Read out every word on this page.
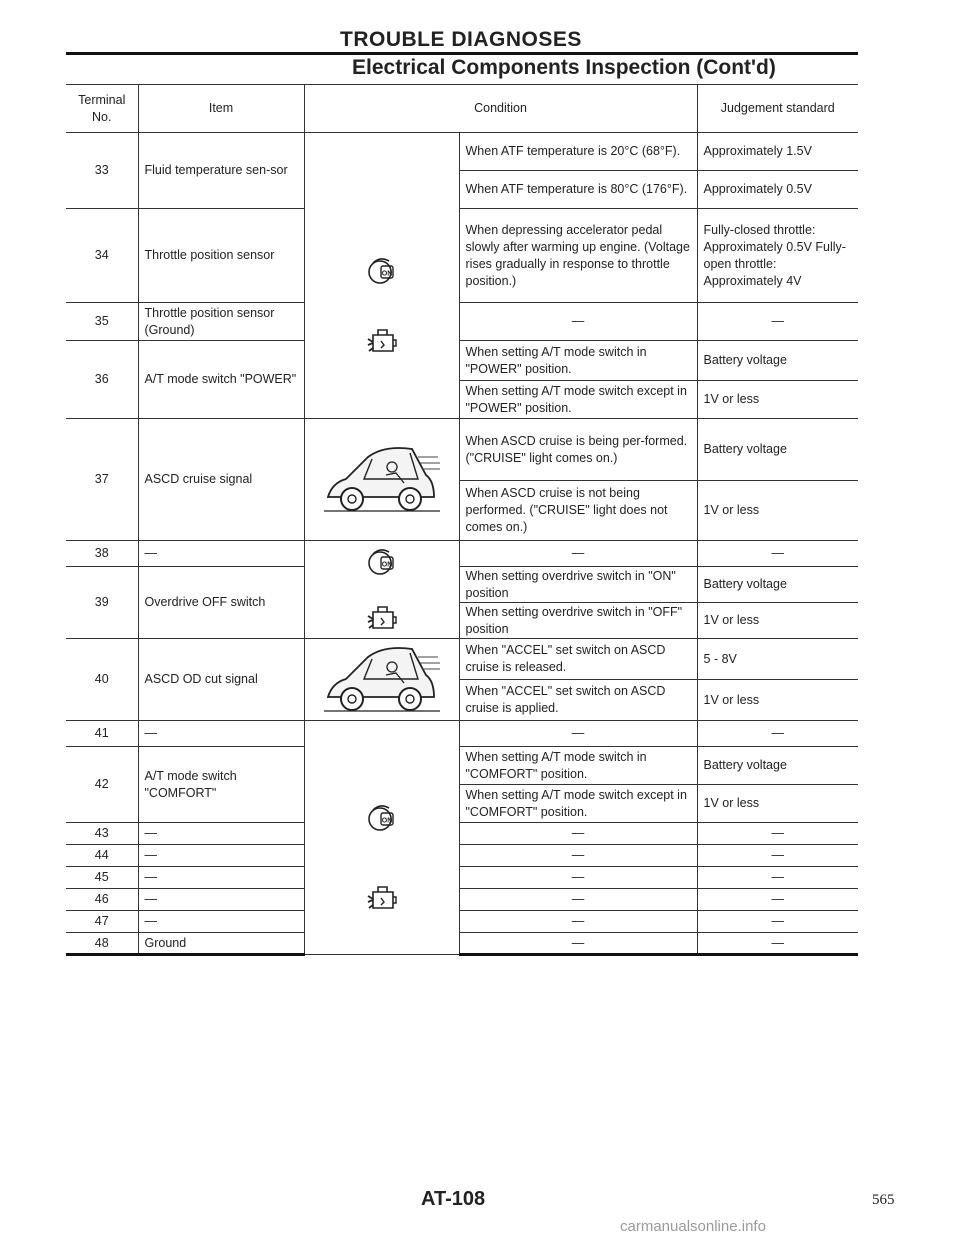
TROUBLE DIAGNOSES
Electrical Components Inspection (Cont'd)
Terminal No.	Item	Condition		Judgement standard
33	Fluid temperature sen-sor	ON	When ATF temperature is 20°C (68°F).	Approximately 1.5V
			When ATF temperature is 80°C (176°F).	Approximately 0.5V
34	Throttle position sensor		When depressing accelerator pedal slowly after warming up engine. (Voltage rises gradually in response to throttle position.)	Fully-closed throttle: Approximately 0.5V Fully-open throttle: Approximately 4V
35	Throttle position sensor (Ground)		—	—
36	A/T mode switch "POWER"		When setting A/T mode switch in "POWER" position.	Battery voltage
			When setting A/T mode switch except in "POWER" position.	1V or less
37	ASCD cruise signal		When ASCD cruise is being per-formed. ("CRUISE" light comes on.)	Battery voltage
			When ASCD cruise is not being performed. ("CRUISE" light does not comes on.)	1V or less
38	—	ON	—	—
39	Overdrive OFF switch		When setting overdrive switch in "ON" position	Battery voltage
			When setting overdrive switch in "OFF" position	1V or less
40	ASCD OD cut signal		When "ACCEL" set switch on ASCD cruise is released.	5 - 8V
			When "ACCEL" set switch on ASCD cruise is applied.	1V or less
41	—	ON	—	—
42	A/T mode switch "COMFORT"		When setting A/T mode switch in "COMFORT" position.	Battery voltage
			When setting A/T mode switch except in "COMFORT" position.	1V or less
43	—		—	—
44	—		—	—
45	—		—	—
46	—		—	—
47	—		—	—
48	Ground		—	—
AT-108	565
carmanualsonline.info
